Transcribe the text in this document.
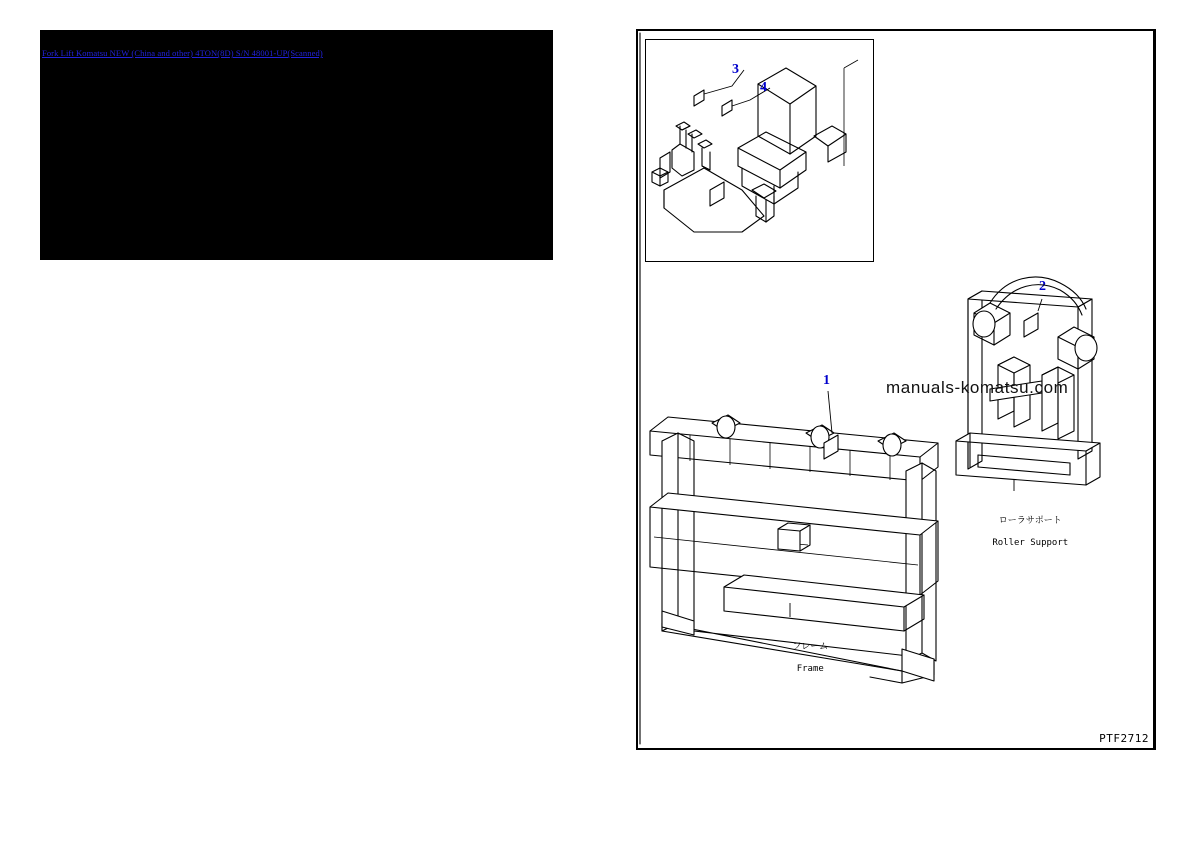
Fork Lift Komatsu NEW (China and other) 4TON(8D) S/N 48001-UP(Scanned)
3
4
1
2

ローラサポート

Roller Support

フレーム

Frame

manuals-komatsu.com
PTF2712
